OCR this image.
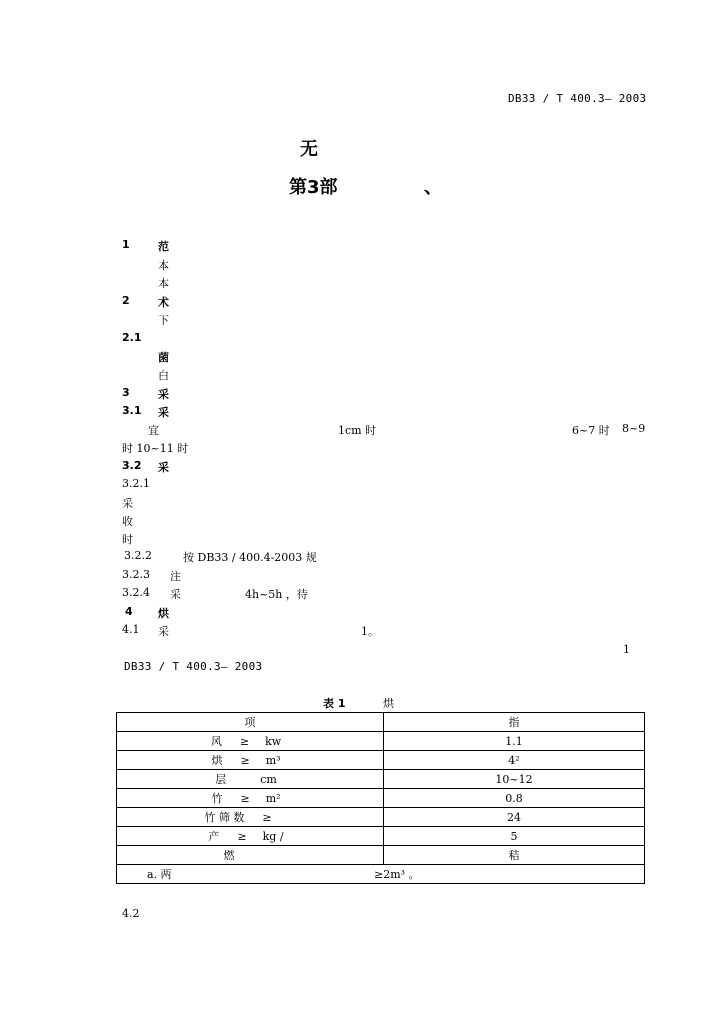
DB33 / T 400.3— 2003
无
第3部	、
1	范
本
本
2	术
下
2.1
菌
白
3	采
3.1 采
宜	1cm 时	6~7 时 8~9
时 10~11 时
3.2 采
3.2.1
采
收
时
3.2.2	按 DB33 / 400.4-2003 规
3.2.3 注
3.2.4 采	4h~5h ，待
4 烘
4.1 采	1。
1
DB33 / T 400.3— 2003
表 1	烘
项	指
风 ≥ kw	1.1
烘 ≥ m³	4²
层 cm	10~12
竹 ≥ m²	0.8
竹 筛 数 ≥	24
产 ≥ kg /	5
燃	秸
a. 两 ≥2m³ 。	
4.2
